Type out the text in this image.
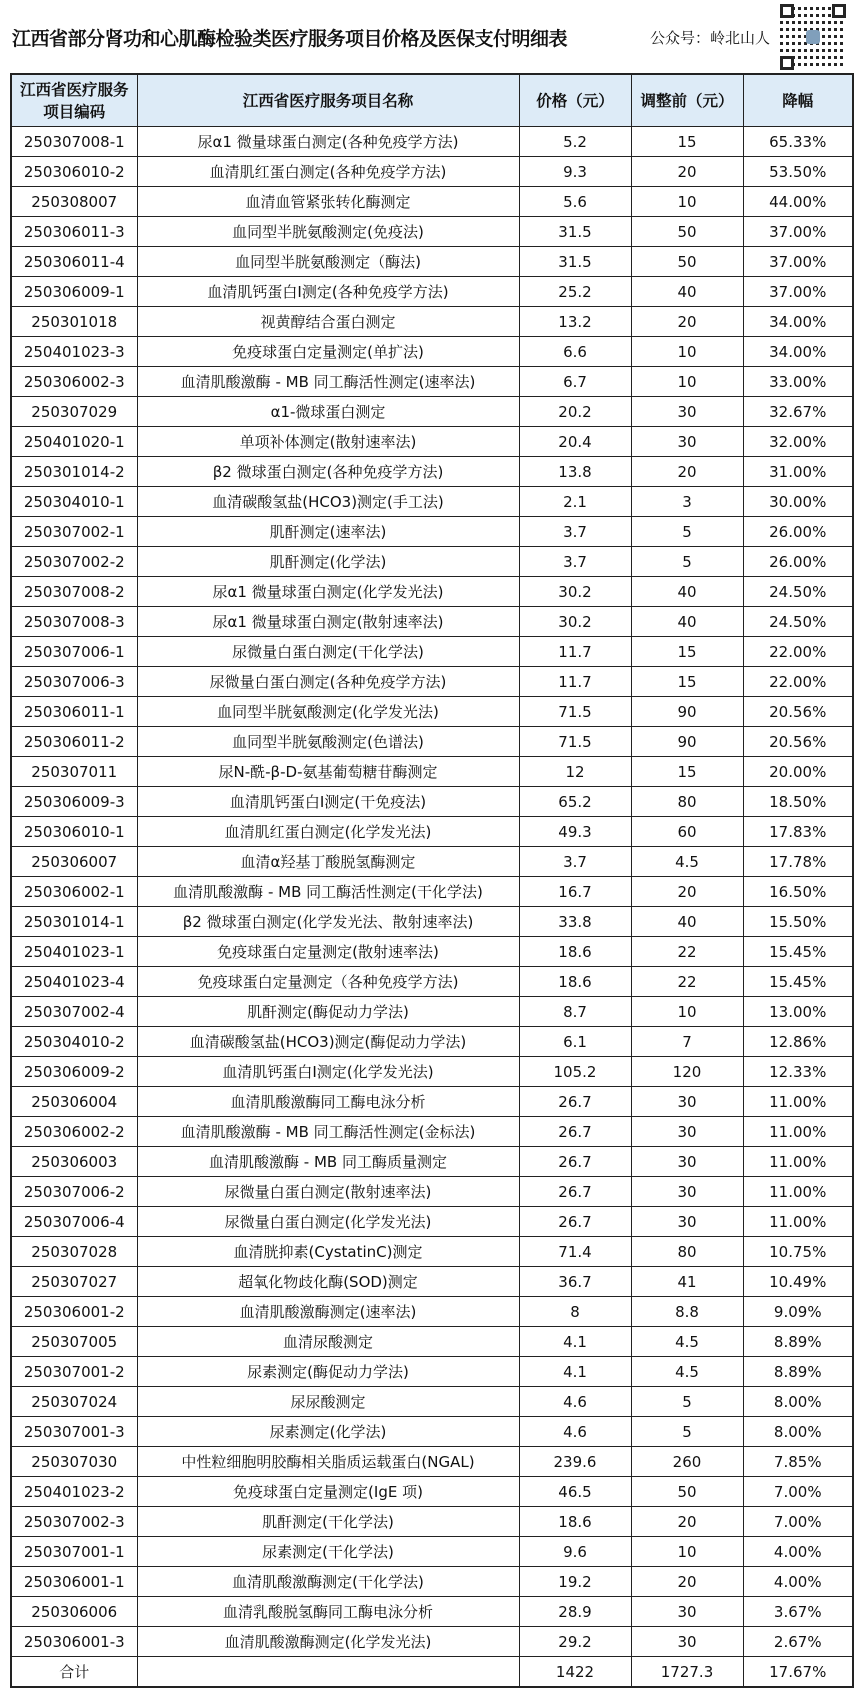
江西省部分肾功和心肌酶检验类医疗服务项目价格及医保支付明细表	公众号：岭北山人
江西省医疗服务项目编码	江西省医疗服务项目名称	价格（元）	调整前（元）	降幅
250307008-1	尿α1 微量球蛋白测定(各种免疫学方法)	5.2	15	65.33%
250306010-2	血清肌红蛋白测定(各种免疫学方法)	9.3	20	53.50%
250308007	血清血管紧张转化酶测定	5.6	10	44.00%
250306011-3	血同型半胱氨酸测定(免疫法)	31.5	50	37.00%
250306011-4	血同型半胱氨酸测定（酶法)	31.5	50	37.00%
250306009-1	血清肌钙蛋白Ⅰ测定(各种免疫学方法)	25.2	40	37.00%
250301018	视黄醇结合蛋白测定	13.2	20	34.00%
250401023-3	免疫球蛋白定量测定(单扩法)	6.6	10	34.00%
250306002-3	血清肌酸激酶 - MB 同工酶活性测定(速率法)	6.7	10	33.00%
250307029	α1-微球蛋白测定	20.2	30	32.67%
250401020-1	单项补体测定(散射速率法)	20.4	30	32.00%
250301014-2	β2 微球蛋白测定(各种免疫学方法)	13.8	20	31.00%
250304010-1	血清碳酸氢盐(HCO3)测定(手工法)	2.1	3	30.00%
250307002-1	肌酐测定(速率法)	3.7	5	26.00%
250307002-2	肌酐测定(化学法)	3.7	5	26.00%
250307008-2	尿α1 微量球蛋白测定(化学发光法)	30.2	40	24.50%
250307008-3	尿α1 微量球蛋白测定(散射速率法)	30.2	40	24.50%
250307006-1	尿微量白蛋白测定(干化学法)	11.7	15	22.00%
250307006-3	尿微量白蛋白测定(各种免疫学方法)	11.7	15	22.00%
250306011-1	血同型半胱氨酸测定(化学发光法)	71.5	90	20.56%
250306011-2	血同型半胱氨酸测定(色谱法)	71.5	90	20.56%
250307011	尿N-酰-β-D-氨基葡萄糖苷酶测定	12	15	20.00%
250306009-3	血清肌钙蛋白Ⅰ测定(干免疫法)	65.2	80	18.50%
250306010-1	血清肌红蛋白测定(化学发光法)	49.3	60	17.83%
250306007	血清α羟基丁酸脱氢酶测定	3.7	4.5	17.78%
250306002-1	血清肌酸激酶 - MB 同工酶活性测定(干化学法)	16.7	20	16.50%
250301014-1	β2 微球蛋白测定(化学发光法、散射速率法)	33.8	40	15.50%
250401023-1	免疫球蛋白定量测定(散射速率法)	18.6	22	15.45%
250401023-4	免疫球蛋白定量测定（各种免疫学方法)	18.6	22	15.45%
250307002-4	肌酐测定(酶促动力学法)	8.7	10	13.00%
250304010-2	血清碳酸氢盐(HCO3)测定(酶促动力学法)	6.1	7	12.86%
250306009-2	血清肌钙蛋白Ⅰ测定(化学发光法)	105.2	120	12.33%
250306004	血清肌酸激酶同工酶电泳分析	26.7	30	11.00%
250306002-2	血清肌酸激酶 - MB 同工酶活性测定(金标法)	26.7	30	11.00%
250306003	血清肌酸激酶 - MB 同工酶质量测定	26.7	30	11.00%
250307006-2	尿微量白蛋白测定(散射速率法)	26.7	30	11.00%
250307006-4	尿微量白蛋白测定(化学发光法)	26.7	30	11.00%
250307028	血清胱抑素(CystatinC)测定	71.4	80	10.75%
250307027	超氧化物歧化酶(SOD)测定	36.7	41	10.49%
250306001-2	血清肌酸激酶测定(速率法)	8	8.8	9.09%
250307005	血清尿酸测定	4.1	4.5	8.89%
250307001-2	尿素测定(酶促动力学法)	4.1	4.5	8.89%
250307024	尿尿酸测定	4.6	5	8.00%
250307001-3	尿素测定(化学法)	4.6	5	8.00%
250307030	中性粒细胞明胶酶相关脂质运载蛋白(NGAL)	239.6	260	7.85%
250401023-2	免疫球蛋白定量测定(IgE 项)	46.5	50	7.00%
250307002-3	肌酐测定(干化学法)	18.6	20	7.00%
250307001-1	尿素测定(干化学法)	9.6	10	4.00%
250306001-1	血清肌酸激酶测定(干化学法)	19.2	20	4.00%
250306006	血清乳酸脱氢酶同工酶电泳分析	28.9	30	3.67%
250306001-3	血清肌酸激酶测定(化学发光法)	29.2	30	2.67%
合计		1422	1727.3	17.67%
